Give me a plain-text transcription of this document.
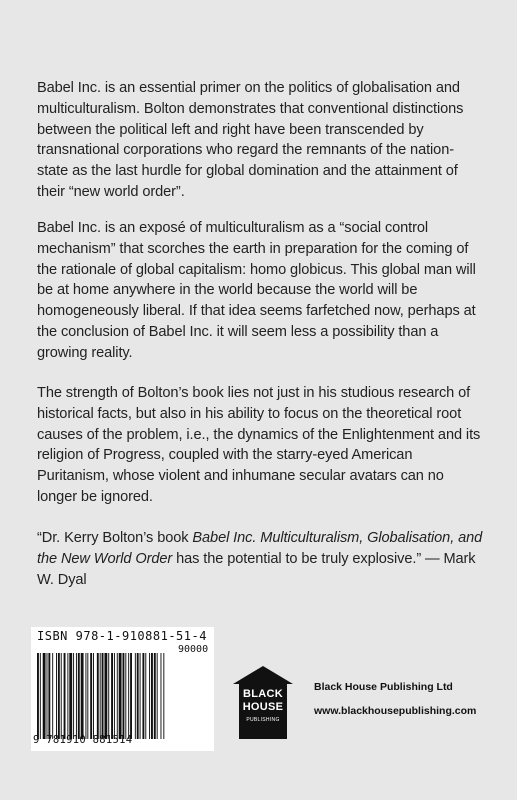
Babel Inc. is an essential primer on the politics of globalisation and multiculturalism. Bolton demonstrates that conventional distinctions between the political left and right have been transcended by transnational corporations who regard the remnants of the nation-state as the last hurdle for global domination and the attainment of their “new world order”.

Babel Inc. is an exposé of multiculturalism as a “social control mechanism” that scorches the earth in preparation for the coming of the rationale of global capitalism: homo globicus. This global man will be at home anywhere in the world because the world will be homogeneously liberal. If that idea seems farfetched now, perhaps at the conclusion of Babel Inc. it will seem less a possibility than a growing reality.

The strength of Bolton’s book lies not just in his studious research of historical facts, but also in his ability to focus on the theoretical root causes of the problem, i.e., the dynamics of the Enlightenment and its religion of Progress, coupled with the starry-eyed American Puritanism, whose violent and inhumane secular avatars can no longer be ignored.

“Dr. Kerry Bolton’s book Babel Inc. Multiculturalism, Globalisation, and the New World Order has the potential to be truly explosive.” — Mark W. Dyal

ISBN 978-1-910881-51-4
90000
9 781910 881514
BLACK
HOUSE
PUBLISHING
Black House Publishing Ltd
www.blackhousepublishing.com
